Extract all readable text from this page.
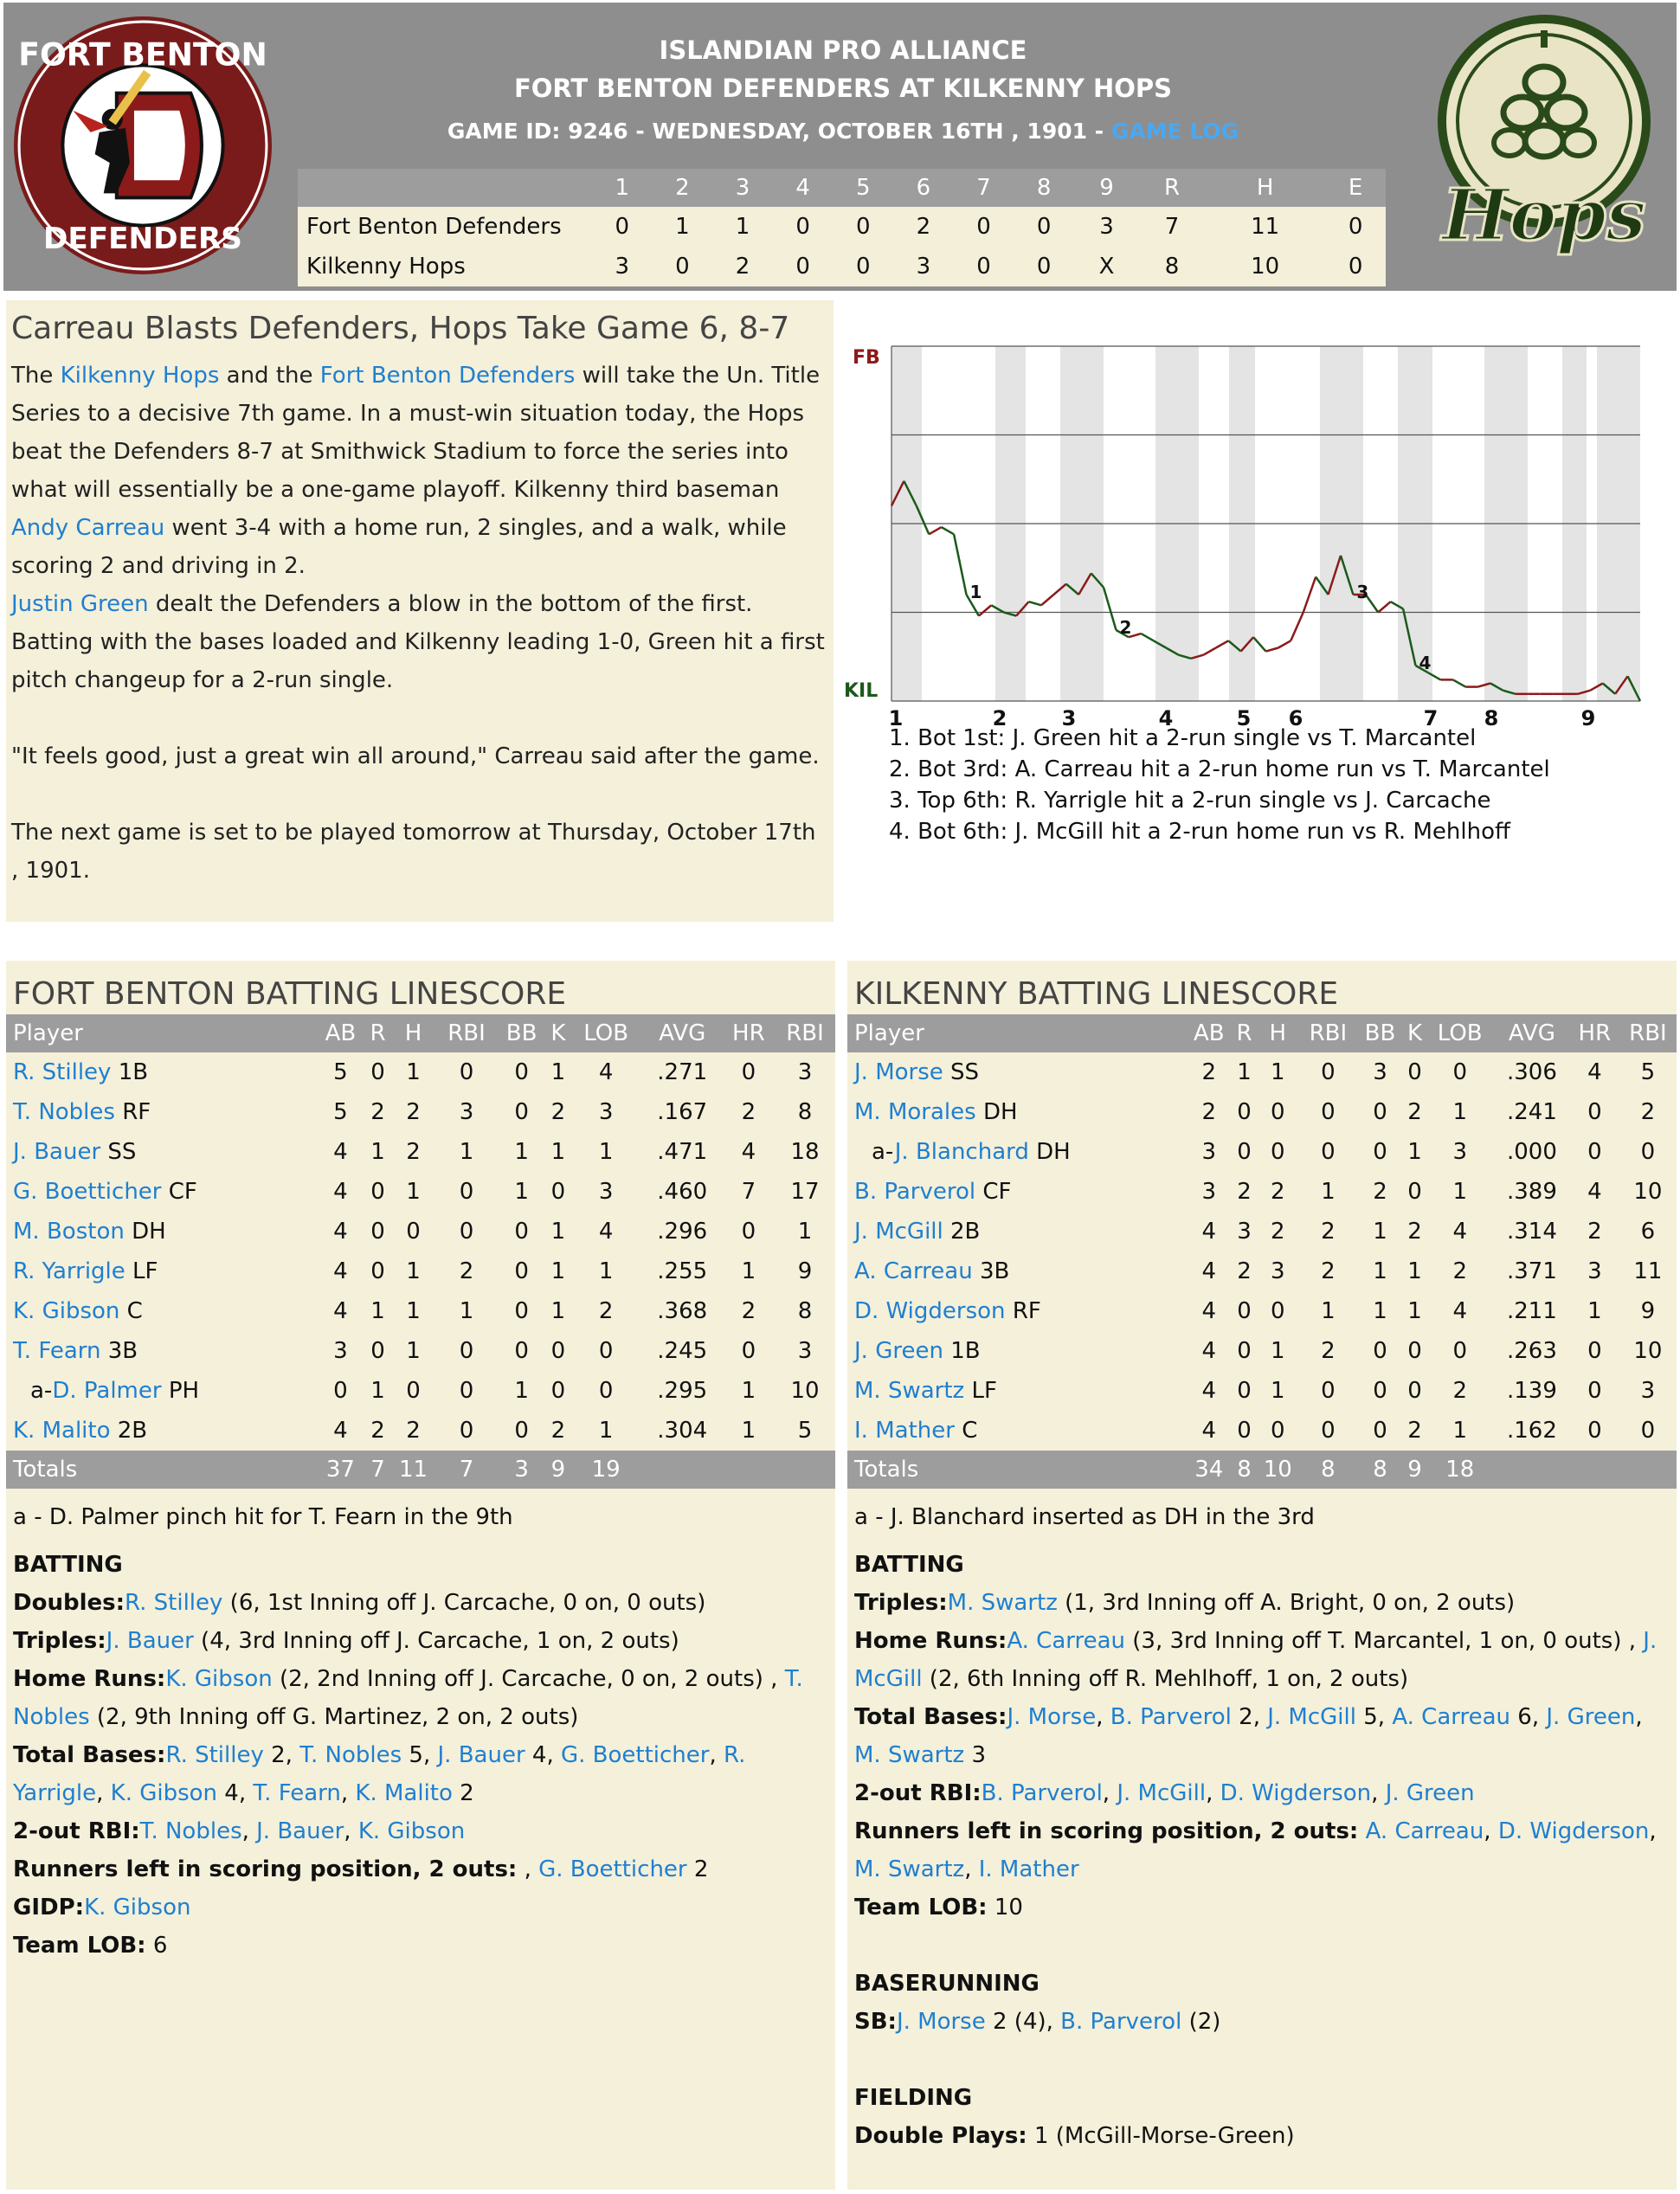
FORT BENTON
DEFENDERS
ISLANDIAN PRO ALLIANCE
FORT BENTON DEFENDERS AT KILKENNY HOPS
GAME ID: 9246 - WEDNESDAY, OCTOBER 16TH , 1901 - GAME LOG
	1	2	3	4	5	6	7	8	9	R	H	E
Fort Benton Defenders	0	1	1	0	0	2	0	0	3	7	11	0
Kilkenny Hops	3	0	2	0	0	3	0	0	X	8	10	0
Hops
Carreau Blasts Defenders, Hops Take Game 6, 8-7

The Kilkenny Hops and the Fort Benton Defenders will take the Un. Title Series to a decisive 7th game. In a must-win situation today, the Hops beat the Defenders 8-7 at Smithwick Stadium to force the series into what will essentially be a one-game playoff. Kilkenny third baseman Andy Carreau went 3-4 with a home run, 2 singles, and a walk, while scoring 2 and driving in 2.

Justin Green dealt the Defenders a blow in the bottom of the first. Batting with the bases loaded and Kilkenny leading 1-0, Green hit a first pitch changeup for a 2-run single.

"It feels good, just a great win all around," Carreau said after the game.

The next game is set to be played tomorrow at Thursday, October 17th , 1901.

FB
KIL
1	2	3	4	5 6	7 8	9
1
2
3
4
1. Bot 1st: J. Green hit a 2-run single vs T. Marcantel
2. Bot 3rd: A. Carreau hit a 2-run home run vs T. Marcantel
3. Top 6th: R. Yarrigle hit a 2-run single vs J. Carcache
4. Bot 6th: J. McGill hit a 2-run home run vs R. Mehlhoff
FORT BENTON BATTING LINESCORE
Player	AB	R	H	RBI	BB	K	LOB	AVG	HR	RBI
R. Stilley 1B	5	0	1	0	0	1	4	.271	0	3
T. Nobles RF	5	2	2	3	0	2	3	.167	2	8
J. Bauer SS	4	1	2	1	1	1	1	.471	4	18
G. Boetticher CF	4	0	1	0	1	0	3	.460	7	17
M. Boston DH	4	0	0	0	0	1	4	.296	0	1
R. Yarrigle LF	4	0	1	2	0	1	1	.255	1	9
K. Gibson C	4	1	1	1	0	1	2	.368	2	8
T. Fearn 3B	3	0	1	0	0	0	0	.245	0	3
a-D. Palmer PH	0	1	0	0	1	0	0	.295	1	10
K. Malito 2B	4	2	2	0	0	2	1	.304	1	5
Totals	37	7	11	7	3	9	19			
a - D. Palmer pinch hit for T. Fearn in the 9th
BATTING
Doubles:R. Stilley (6, 1st Inning off J. Carcache, 0 on, 0 outs)
Triples:J. Bauer (4, 3rd Inning off J. Carcache, 1 on, 2 outs)
Home Runs:K. Gibson (2, 2nd Inning off J. Carcache, 0 on, 2 outs) , T. Nobles (2, 9th Inning off G. Martinez, 2 on, 2 outs)
Total Bases:R. Stilley 2, T. Nobles 5, J. Bauer 4, G. Boetticher, R. Yarrigle, K. Gibson 4, T. Fearn, K. Malito 2
2-out RBI:T. Nobles, J. Bauer, K. Gibson
Runners left in scoring position, 2 outs: , G. Boetticher 2
GIDP:K. Gibson
Team LOB: 6
KILKENNY BATTING LINESCORE
Player	AB	R	H	RBI	BB	K	LOB	AVG	HR	RBI
J. Morse SS	2	1	1	0	3	0	0	.306	4	5
M. Morales DH	2	0	0	0	0	2	1	.241	0	2
a-J. Blanchard DH	3	0	0	0	0	1	3	.000	0	0
B. Parverol CF	3	2	2	1	2	0	1	.389	4	10
J. McGill 2B	4	3	2	2	1	2	4	.314	2	6
A. Carreau 3B	4	2	3	2	1	1	2	.371	3	11
D. Wigderson RF	4	0	0	1	1	1	4	.211	1	9
J. Green 1B	4	0	1	2	0	0	0	.263	0	10
M. Swartz LF	4	0	1	0	0	0	2	.139	0	3
I. Mather C	4	0	0	0	0	2	1	.162	0	0
Totals	34	8	10	8	8	9	18			
a - J. Blanchard inserted as DH in the 3rd
BATTING
Triples:M. Swartz (1, 3rd Inning off A. Bright, 0 on, 2 outs)
Home Runs:A. Carreau (3, 3rd Inning off T. Marcantel, 1 on, 0 outs) , J. McGill (2, 6th Inning off R. Mehlhoff, 1 on, 2 outs)
Total Bases:J. Morse, B. Parverol 2, J. McGill 5, A. Carreau 6, J. Green, M. Swartz 3
2-out RBI:B. Parverol, J. McGill, D. Wigderson, J. Green
Runners left in scoring position, 2 outs: A. Carreau, D. Wigderson, M. Swartz, I. Mather
Team LOB: 10
BASERUNNING
SB:J. Morse 2 (4), B. Parverol (2)
FIELDING
Double Plays: 1 (McGill-Morse-Green)
